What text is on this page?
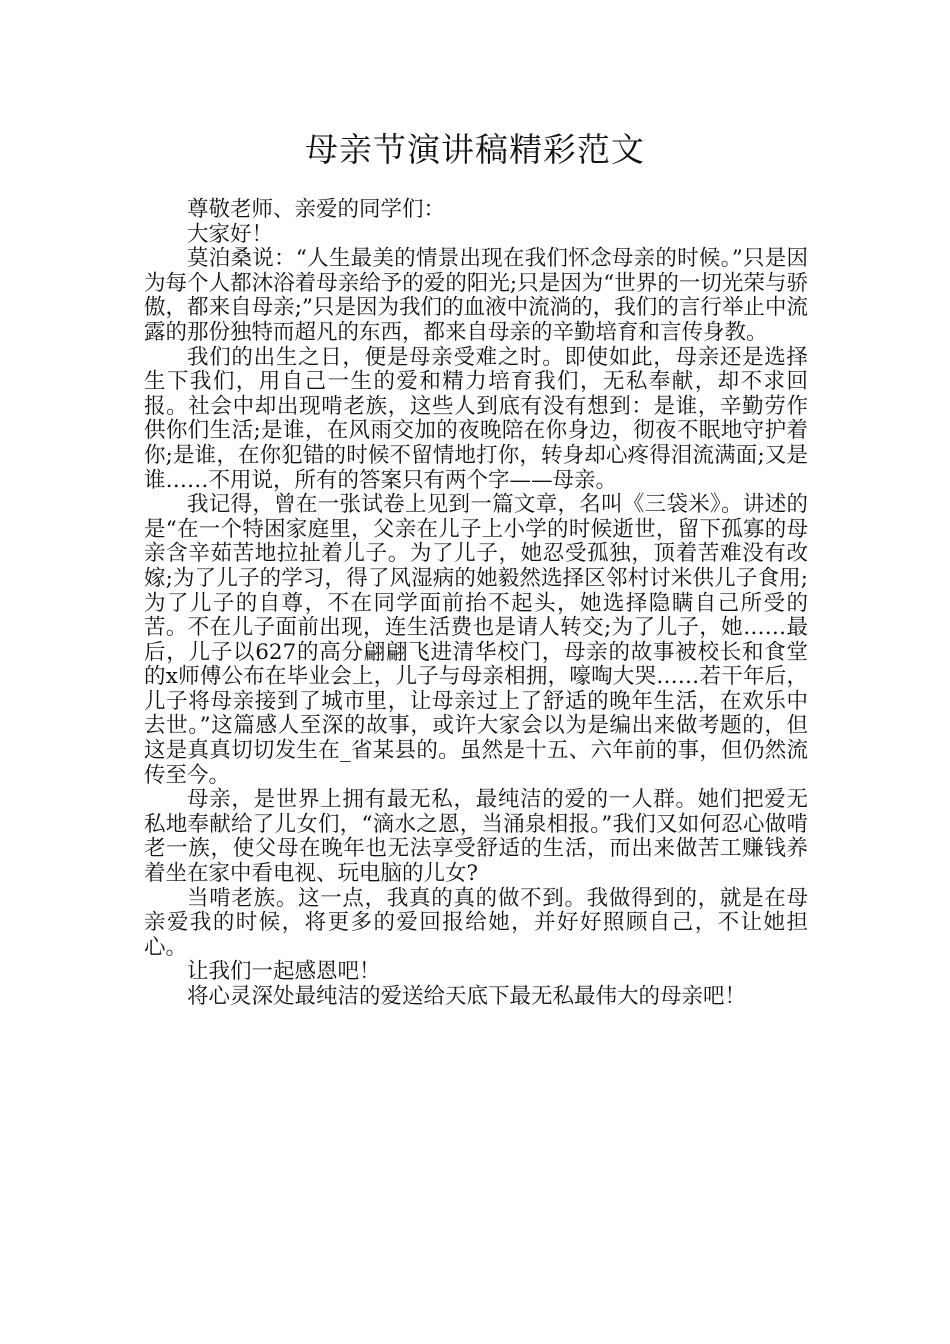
母亲节演讲稿精彩范文

尊敬老师、亲爱的同学们：

大家好！

莫泊桑说：“人生最美的情景出现在我们怀念母亲的时候。”只是因为每个人都沐浴着母亲给予的爱的阳光;只是因为“世界的一切光荣与骄傲，都来自母亲;”只是因为我们的血液中流淌的，我们的言行举止中流露的那份独特而超凡的东西，都来自母亲的辛勤培育和言传身教。

我们的出生之日，便是母亲受难之时。即使如此，母亲还是选择生下我们，用自己一生的爱和精力培育我们，无私奉献，却不求回报。社会中却出现啃老族，这些人到底有没有想到：是谁，辛勤劳作供你们生活;是谁，在风雨交加的夜晚陪在你身边，彻夜不眠地守护着你;是谁，在你犯错的时候不留情地打你，转身却心疼得泪流满面;又是谁……不用说，所有的答案只有两个字——母亲。

我记得，曾在一张试卷上见到一篇文章，名叫《三袋米》。讲述的是“在一个特困家庭里，父亲在儿子上小学的时候逝世，留下孤寡的母亲含辛茹苦地拉扯着儿子。为了儿子，她忍受孤独，顶着苦难没有改嫁;为了儿子的学习，得了风湿病的她毅然选择区邻村讨米供儿子食用;为了儿子的自尊，不在同学面前抬不起头，她选择隐瞒自己所受的苦。不在儿子面前出现，连生活费也是请人转交;为了儿子，她……最后，儿子以627的高分翩翩飞进清华校门，母亲的故事被校长和食堂的x师傅公布在毕业会上，儿子与母亲相拥，嚎啕大哭……若干年后，儿子将母亲接到了城市里，让母亲过上了舒适的晚年生活，在欢乐中去世。”这篇感人至深的故事，或许大家会以为是编出来做考题的，但这是真真切切发生在_省某县的。虽然是十五、六年前的事，但仍然流传至今。

母亲，是世界上拥有最无私，最纯洁的爱的一人群。她们把爱无私地奉献给了儿女们，“滴水之恩，当涌泉相报。”我们又如何忍心做啃老一族，使父母在晚年也无法享受舒适的生活，而出来做苦工赚钱养着坐在家中看电视、玩电脑的儿女?

当啃老族。这一点，我真的真的做不到。我做得到的，就是在母亲爱我的时候，将更多的爱回报给她，并好好照顾自己，不让她担心。

让我们一起感恩吧！

将心灵深处最纯洁的爱送给天底下最无私最伟大的母亲吧！
